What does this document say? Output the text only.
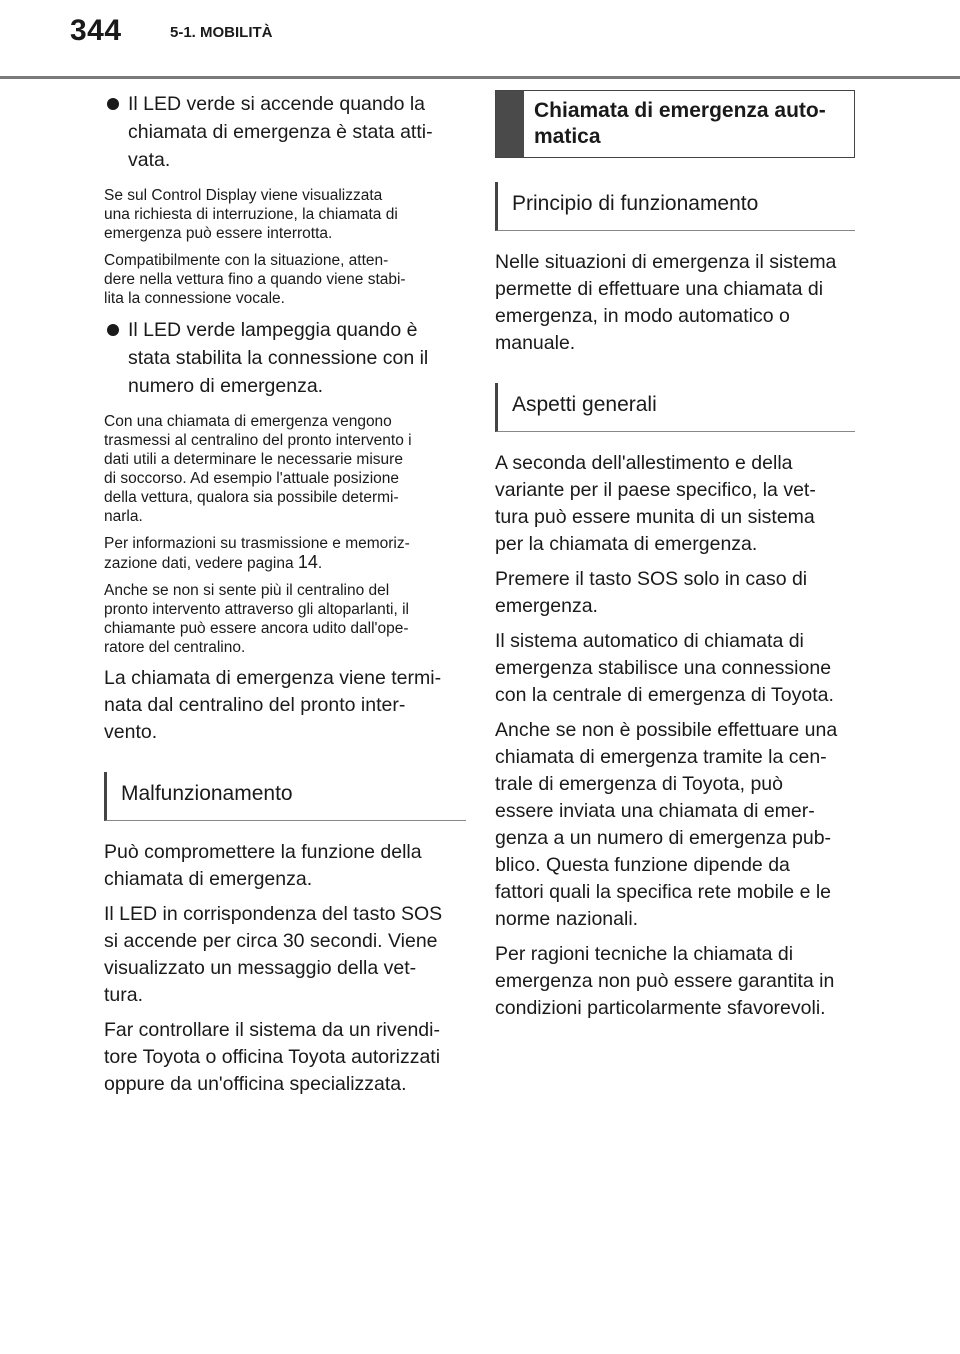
344	5-1. MOBILITÀ
Il LED verde si accende quando la
chiamata di emergenza è stata atti-
vata.

Se sul Control Display viene visualizzata
una richiesta di interruzione, la chiamata di
emergenza può essere interrotta.

Compatibilmente con la situazione, atten-
dere nella vettura fino a quando viene stabi-
lita la connessione vocale.

Il LED verde lampeggia quando è
stata stabilita la connessione con il
numero di emergenza.

Con una chiamata di emergenza vengono
trasmessi al centralino del pronto intervento i
dati utili a determinare le necessarie misure
di soccorso. Ad esempio l'attuale posizione
della vettura, qualora sia possibile determi-
narla.

Per informazioni su trasmissione e memoriz-
zazione dati, vedere pagina 14.

Anche se non si sente più il centralino del
pronto intervento attraverso gli altoparlanti, il
chiamante può essere ancora udito dall'ope-
ratore del centralino.

La chiamata di emergenza viene termi-
nata dal centralino del pronto inter-
vento.

Malfunzionamento

Può compromettere la funzione della
chiamata di emergenza.

Il LED in corrispondenza del tasto SOS
si accende per circa 30 secondi. Viene
visualizzato un messaggio della vet-
tura.

Far controllare il sistema da un rivendi-
tore Toyota o officina Toyota autorizzati
oppure da un'officina specializzata.

Chiamata di emergenza auto-
matica
Principio di funzionamento

Nelle situazioni di emergenza il sistema
permette di effettuare una chiamata di
emergenza, in modo automatico o
manuale.

Aspetti generali

A seconda dell'allestimento e della
variante per il paese specifico, la vet-
tura può essere munita di un sistema
per la chiamata di emergenza.

Premere il tasto SOS solo in caso di
emergenza.

Il sistema automatico di chiamata di
emergenza stabilisce una connessione
con la centrale di emergenza di Toyota.

Anche se non è possibile effettuare una
chiamata di emergenza tramite la cen-
trale di emergenza di Toyota, può
essere inviata una chiamata di emer-
genza a un numero di emergenza pub-
blico. Questa funzione dipende da
fattori quali la specifica rete mobile e le
norme nazionali.

Per ragioni tecniche la chiamata di
emergenza non può essere garantita in
condizioni particolarmente sfavorevoli.
